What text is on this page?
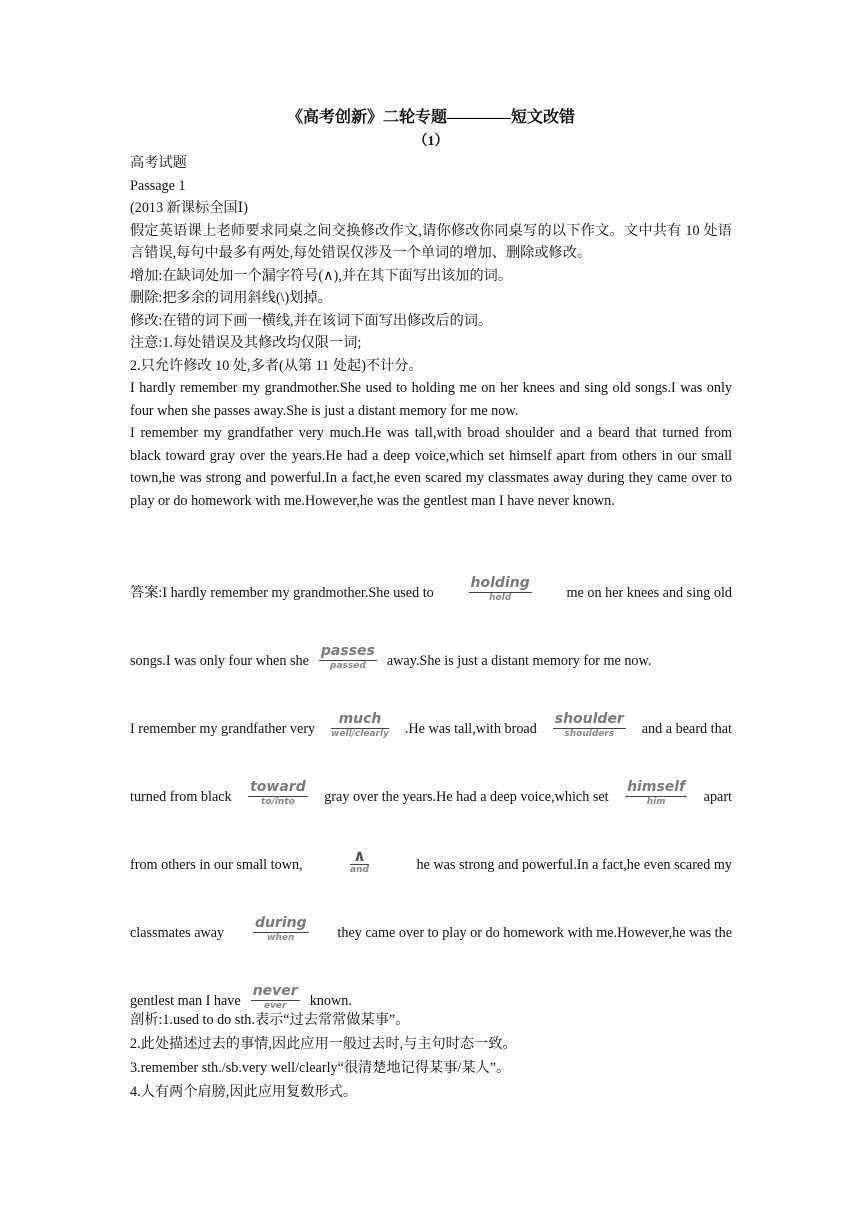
《高考创新》二轮专题————短文改错
（1）

高考试题

Passage 1

(2013 新课标全国Ⅰ)

假定英语课上老师要求同桌之间交换修改作文,请你修改你同桌写的以下作文。文中共有 10 处语言错误,每句中最多有两处,每处错误仅涉及一个单词的增加、删除或修改。

增加:在缺词处加一个漏字符号(∧),并在其下面写出该加的词。

删除:把多余的词用斜线(\)划掉。

修改:在错的词下画一横线,并在该词下面写出修改后的词。

注意:1.每处错误及其修改均仅限一词;

2.只允许修改 10 处,多者(从第 11 处起)不计分。

I hardly remember my grandmother.She used to holding me on her knees and sing old songs.I was only four when she passes away.She is just a distant memory for me now.

I remember my grandfather very much.He was tall,with broad shoulder and a beard that turned from black toward gray over the years.He had a deep voice,which set himself apart from others in our small town,he was strong and powerful.In a fact,he even scared my classmates away during they came over to play or do homework with me.However,he was the gentlest man I have never known.

答案:I hardly remember my grandmother.She used to
holding
hold	me on her knees and sing old
songs.I was only four when she
passes
passed	away.She is just a distant memory for me now.
I remember my grandfather very
much
well/clearly .He was tall,with broad
shoulder
shoulders	and a beard that
turned from black
toward
to/into	gray over the years.He had a deep voice,which set
himself
him	apart
from others in our small town,	∧
and	he was strong and powerful.In a fact,he even scared my
classmates away
during
when	they came over to play or do homework with me.However,he was the
gentlest man I have
never
ever	known.

剖析:1.used to do sth.表示“过去常常做某事”。

2.此处描述过去的事情,因此应用一般过去时,与主句时态一致。

3.remember sth./sb.very well/clearly“很清楚地记得某事/某人”。

4.人有两个肩膀,因此应用复数形式。
